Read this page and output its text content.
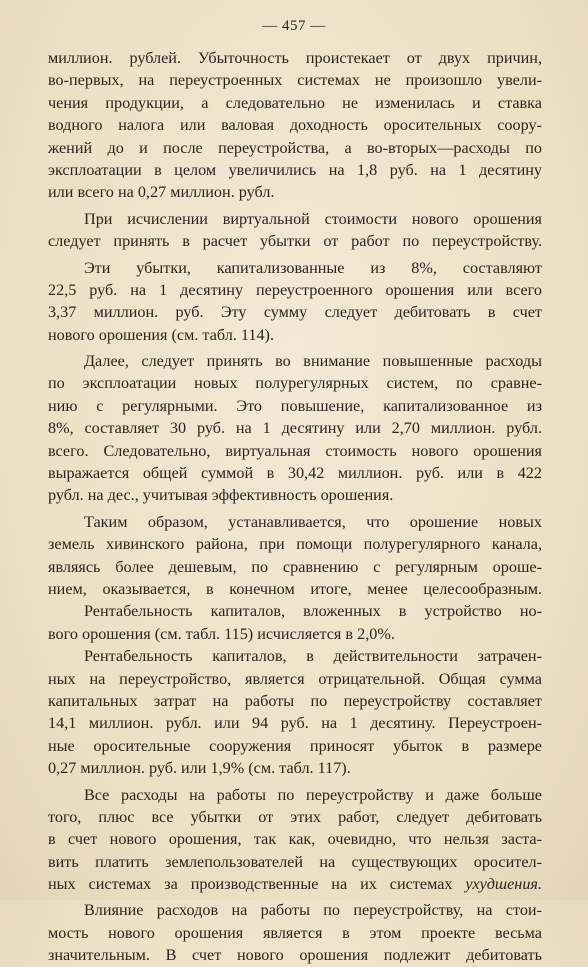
— 457 —
миллион. рублей. Убыточность проистекает от двух причин,
во-первых, на переустроенных системах не произошло увели-
чения продукции, а следовательно не изменилась и ставка
водного налога или валовая доходность оросительных соору-
жений до и после переустройства, а во-вторых—расходы по
эксплоатации в целом увеличились на 1,8 руб. на 1 десятину
или всего на 0,27 миллион. рубл.
При исчислении виртуальной стоимости нового орошения
следует принять в расчет убытки от работ по переустройству.
Эти убытки, капитализованные из 8%, составляют
22,5 руб. на 1 десятину переустроенного орошения или всего
3,37 миллион. руб. Эту сумму следует дебитовать в счет
нового орошения (см. табл. 114).
Далее, следует принять во внимание повышенные расходы
по эксплоатации новых полурегулярных систем, по сравне-
нию с регулярными. Это повышение, капитализованное из
8%, составляет 30 руб. на 1 десятину или 2,70 миллион. рубл.
всего. Следовательно, виртуальная стоимость нового орошения
выражается общей суммой в 30,42 миллион. руб. или в 422
рубл. на дес., учитывая эффективность орошения.
Таким образом, устанавливается, что орошение новых
земель хивинского района, при помощи полурегулярного канала,
являясь более дешевым, по сравнению с регулярным ороше-
нием, оказывается, в конечном итоге, менее целесообразным.
Рентабельность капиталов, вложенных в устройство но-
вого орошения (см. табл. 115) исчисляется в 2,0%.
Рентабельность капиталов, в действительности затрачен-
ных на переустройство, является отрицательной. Общая сумма
капитальных затрат на работы по переустройству составляет
14,1 миллион. рубл. или 94 руб. на 1 десятину. Переустроен-
ные оросительные сооружения приносят убыток в размере
0,27 миллион. руб. или 1,9% (см. табл. 117).
Все расходы на работы по переустройству и даже больше
того, плюс все убытки от этих работ, следует дебитовать
в счет нового орошения, так как, очевидно, что нельзя заста-
вить платить землепользователей на существующих оросител-
ных системах за производственные на их системах ухудшения.
Влияние расходов на работы по переустройству, на стои-
мость нового орошения является в этом проекте весьма
значительным. В счет нового орошения подлежит дебитовать
